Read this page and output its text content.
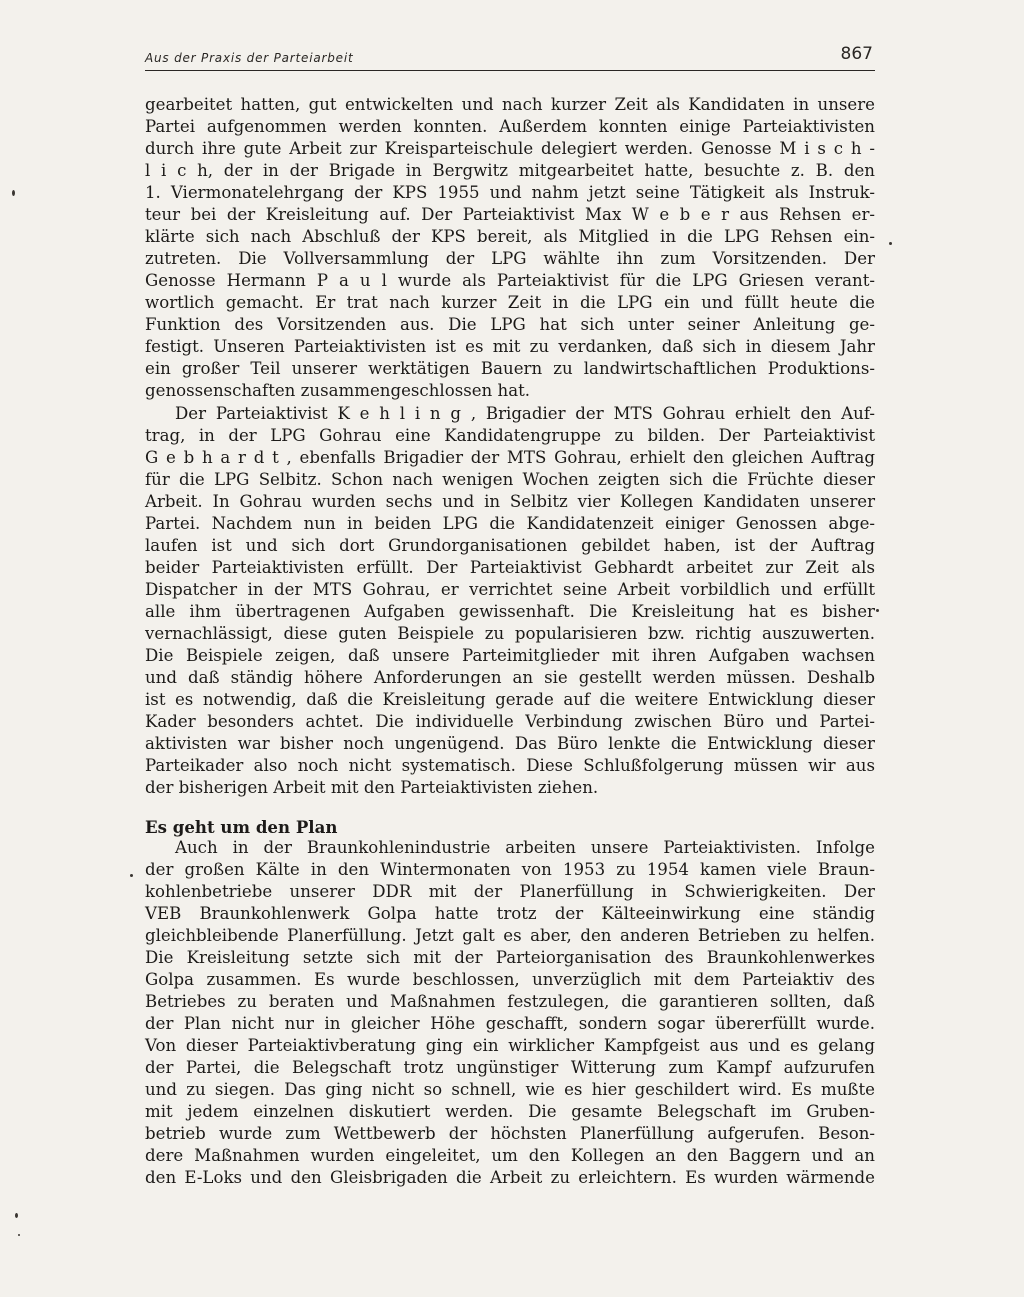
Aus der Praxis der Parteiarbeit	867
gearbeitet hatten, gut entwickelten und nach kurzer Zeit als Kandidaten in unsere
Partei aufgenommen werden konnten. Außerdem konnten einige Parteiaktivisten
durch ihre gute Arbeit zur Kreisparteischule delegiert werden. Genosse M i s c h -
l i c h, der in der Brigade in Bergwitz mitgearbeitet hatte, besuchte z. B. den
1. Viermonatelehrgang der KPS 1955 und nahm jetzt seine Tätigkeit als Instruk-
teur bei der Kreisleitung auf. Der Parteiaktivist Max W e b e r aus Rehsen er-
klärte sich nach Abschluß der KPS bereit, als Mitglied in die LPG Rehsen ein-
zutreten. Die Vollversammlung der LPG wählte ihn zum Vorsitzenden. Der
Genosse Hermann P a u l wurde als Parteiaktivist für die LPG Griesen verant-
wortlich gemacht. Er trat nach kurzer Zeit in die LPG ein und füllt heute die
Funktion des Vorsitzenden aus. Die LPG hat sich unter seiner Anleitung ge-
festigt. Unseren Parteiaktivisten ist es mit zu verdanken, daß sich in diesem Jahr
ein großer Teil unserer werktätigen Bauern zu landwirtschaftlichen Produktions-
genossenschaften zusammengeschlossen hat.
Der Parteiaktivist K e h l i n g , Brigadier der MTS Gohrau erhielt den Auf-
trag, in der LPG Gohrau eine Kandidatengruppe zu bilden. Der Parteiaktivist
G e b h a r d t , ebenfalls Brigadier der MTS Gohrau, erhielt den gleichen Auftrag
für die LPG Selbitz. Schon nach wenigen Wochen zeigten sich die Früchte dieser
Arbeit. In Gohrau wurden sechs und in Selbitz vier Kollegen Kandidaten unserer
Partei. Nachdem nun in beiden LPG die Kandidatenzeit einiger Genossen abge-
laufen ist und sich dort Grundorganisationen gebildet haben, ist der Auftrag
beider Parteiaktivisten erfüllt. Der Parteiaktivist Gebhardt arbeitet zur Zeit als
Dispatcher in der MTS Gohrau, er verrichtet seine Arbeit vorbildlich und erfüllt
alle ihm übertragenen Aufgaben gewissenhaft. Die Kreisleitung hat es bisher
vernachlässigt, diese guten Beispiele zu popularisieren bzw. richtig auszuwerten.
Die Beispiele zeigen, daß unsere Parteimitglieder mit ihren Aufgaben wachsen
und daß ständig höhere Anforderungen an sie gestellt werden müssen. Deshalb
ist es notwendig, daß die Kreisleitung gerade auf die weitere Entwicklung dieser
Kader besonders achtet. Die individuelle Verbindung zwischen Büro und Partei-
aktivisten war bisher noch ungenügend. Das Büro lenkte die Entwicklung dieser
Parteikader also noch nicht systematisch. Diese Schlußfolgerung müssen wir aus
der bisherigen Arbeit mit den Parteiaktivisten ziehen.
Es geht um den Plan
Auch in der Braunkohlenindustrie arbeiten unsere Parteiaktivisten. Infolge
der großen Kälte in den Wintermonaten von 1953 zu 1954 kamen viele Braun-
kohlenbetriebe unserer DDR mit der Planerfüllung in Schwierigkeiten. Der
VEB Braunkohlenwerk Golpa hatte trotz der Kälteeinwirkung eine ständig
gleichbleibende Planerfüllung. Jetzt galt es aber, den anderen Betrieben zu helfen.
Die Kreisleitung setzte sich mit der Parteiorganisation des Braunkohlenwerkes
Golpa zusammen. Es wurde beschlossen, unverzüglich mit dem Parteiaktiv des
Betriebes zu beraten und Maßnahmen festzulegen, die garantieren sollten, daß
der Plan nicht nur in gleicher Höhe geschafft, sondern sogar übererfüllt wurde.
Von dieser Parteiaktivberatung ging ein wirklicher Kampfgeist aus und es gelang
der Partei, die Belegschaft trotz ungünstiger Witterung zum Kampf aufzurufen
und zu siegen. Das ging nicht so schnell, wie es hier geschildert wird. Es mußte
mit jedem einzelnen diskutiert werden. Die gesamte Belegschaft im Gruben-
betrieb wurde zum Wettbewerb der höchsten Planerfüllung aufgerufen. Beson-
dere Maßnahmen wurden eingeleitet, um den Kollegen an den Baggern und an
den E-Loks und den Gleisbrigaden die Arbeit zu erleichtern. Es wurden wärmende
